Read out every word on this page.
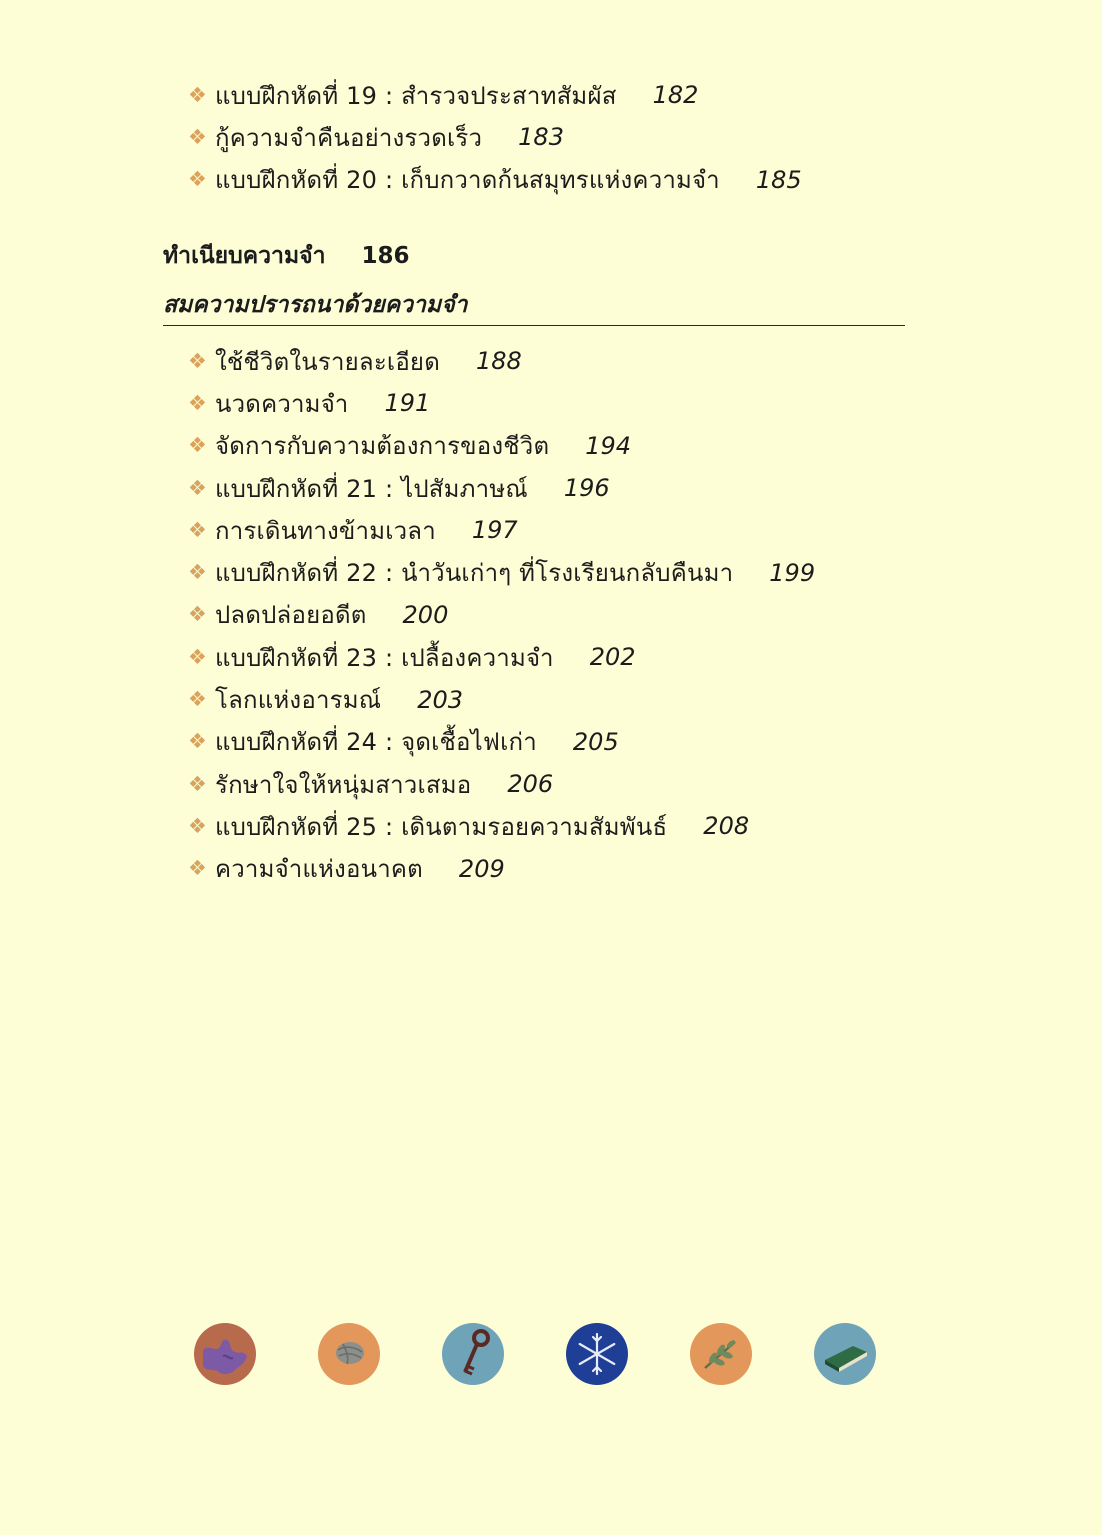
❖ แบบฝึกหัดที่ 19 : สำรวจประสาทสัมผัส 182
❖ กู้ความจำคืนอย่างรวดเร็ว 183
❖ แบบฝึกหัดที่ 20 : เก็บกวาดก้นสมุทรแห่งความจำ 185
ทำเนียบความจำ 186
สมความปรารถนาด้วยความจำ
❖ ใช้ชีวิตในรายละเอียด 188
❖ นวดความจำ 191
❖ จัดการกับความต้องการของชีวิต 194
❖ แบบฝึกหัดที่ 21 : ไปสัมภาษณ์ 196
❖ การเดินทางข้ามเวลา 197
❖ แบบฝึกหัดที่ 22 : นำวันเก่าๆ ที่โรงเรียนกลับคืนมา 199
❖ ปลดปล่อยอดีต 200
❖ แบบฝึกหัดที่ 23 : เปลื้องความจำ 202
❖ โลกแห่งอารมณ์ 203
❖ แบบฝึกหัดที่ 24 : จุดเชื้อไฟเก่า 205
❖ รักษาใจให้หนุ่มสาวเสมอ 206
❖ แบบฝึกหัดที่ 25 : เดินตามรอยความสัมพันธ์ 208
❖ ความจำแห่งอนาคต 209
